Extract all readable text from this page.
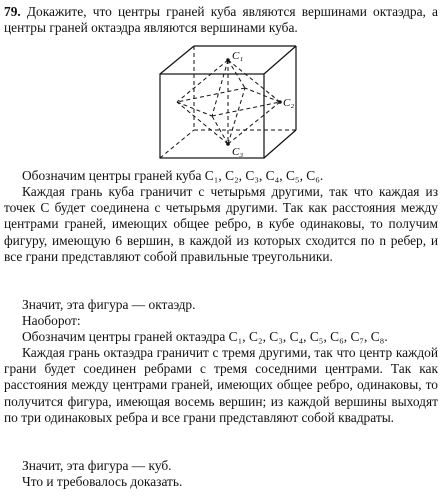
79. Докажите, что центры граней куба являются вершинами октаэдра, а центры граней октаэдра являются вершинами куба.

C₁
C₂
C₃

Обозначим центры граней куба C₁, C₂, C₃, C₄, C₅, C₆.

Каждая грань куба граничит с четырьмя другими, так что каждая из точек C будет соединена с четырьмя другими. Так как расстояния между центрами граней, имеющих общее ребро, в кубе одинаковы, то получим фигуру, имеющую 6 вершин, в каждой из которых сходится по n ребер, и все грани представляют собой правильные треугольники.

Значит, эта фигура — октаэдр.

Наоборот:

Обозначим центры граней октаэдра C₁, C₂, C₃, C₄, C₅, C₆, C₇, C₈.

Каждая грань октаэдра граничит с тремя другими, так что центр каждой грани будет соединен ребрами с тремя соседними центрами. Так как расстояния между центрами граней, имеющих общее ребро, одинаковы, то получится фигура, имеющая восемь вершин; из каждой вершины выходят по три одинаковых ребра и все грани представляют собой квадраты.

Значит, эта фигура — куб.

Что и требовалось доказать.
